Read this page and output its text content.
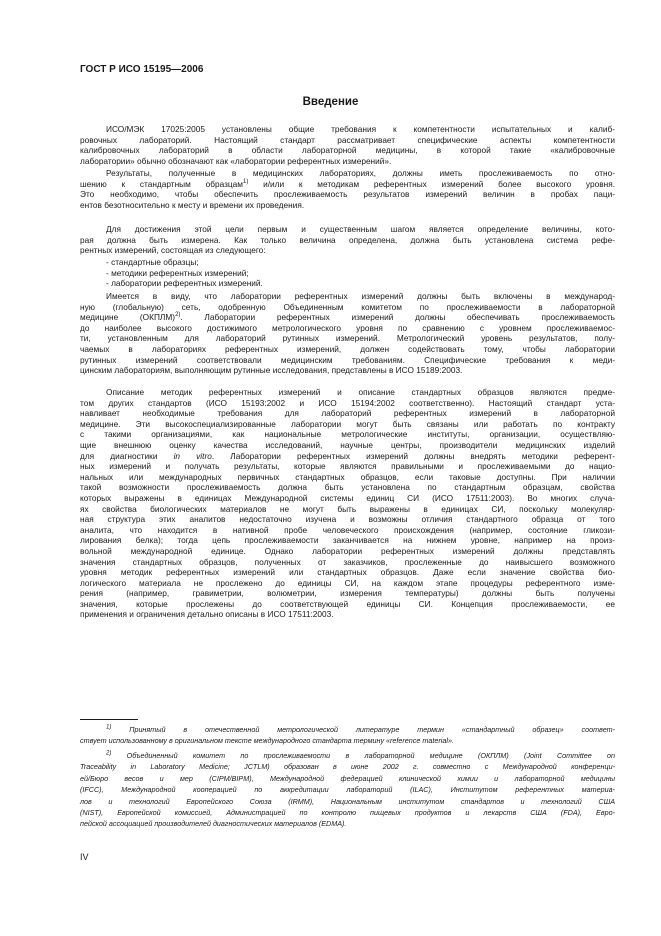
ГОСТ Р ИСО 15195—2006
Введение
ИСО/МЭК 17025:2005 установлены общие требования к компетентности испытательных и калиб-
ровочных лабораторий. Настоящий стандарт рассматривает специфические аспекты компетентности
калибровочных лабораторий в области лабораторной медицины, в которой такие «калибровочные
лаборатории» обычно обозначают как «лаборатории референтных измерений».
Результаты, полученные в медицинских лабораториях, должны иметь прослеживаемость по отно-
шению к стандартным образцам$^{1)}$ и/или к методикам референтных измерений более высокого уровня.
Это необходимо, чтобы обеспечить прослеживаемость результатов измерений величин в пробах паци-
ентов безотносительно к месту и времени их проведения.
Для достижения этой цели первым и существенным шагом является определение величины, кото-
рая должна быть измерена. Как только величина определена, должна быть установлена система рефе-
рентных измерений, состоящая из следующего:
- стандартные образцы;
- методики референтных измерений;
- лаборатории референтных измерений.
Имеется в виду, что лаборатории референтных измерений должны быть включены в международ-
ную (глобальную) сеть, одобренную Объединенным комитетом по прослеживаемости в лабораторной
медицине (ОКПЛМ)$^{2)}$. Лаборатории референтных измерений должны обеспечивать прослеживаемость
до наиболее высокого достижимого метрологического уровня по сравнению с уровнем прослеживаемос-
ти, установленным для лабораторий рутинных измерений. Метрологический уровень результатов, полу-
чаемых в лабораториях референтных измерений, должен содействовать тому, чтобы лаборатории
рутинных измерений соответствовали медицинским требованиям. Специфические требования к меди-
цинским лабораториям, выполняющим рутинные исследования, представлены в ИСО 15189:2003.
Описание методик референтных измерений и описание стандартных образцов являются предме-
том других стандартов (ИСО 15193:2002 и ИСО 15194:2002 соответственно). Настоящий стандарт уста-
навливает необходимые требования для лабораторий референтных измерений в лабораторной
медицине. Эти высокоспециализированные лаборатории могут быть связаны или работать по контракту
с такими организациями, как национальные метрологические институты, организации, осуществляю-
щие внешнюю оценку качества исследований, научные центры, производители медицинских изделий
для диагностики in vitro. Лаборатории референтных измерений должны внедрять методики референт-
ных измерений и получать результаты, которые являются правильными и прослеживаемыми до нацио-
нальных или международных первичных стандартных образцов, если таковые доступны. При наличии
такой возможности прослеживаемость должна быть установлена по стандартным образцам, свойства
которых выражены в единицах Международной системы единиц СИ (ИСО 17511:2003). Во многих случа-
ях свойства биологических материалов не могут быть выражены в единицах СИ, поскольку молекуляр-
ная структура этих аналитов недостаточно изучена и возможны отличия стандартного образца от того
аналита, что находится в нативной пробе человеческого происхождения (например, состояние гликози-
лирования белка); тогда цепь прослеживаемости заканчивается на нижнем уровне, например на произ-
вольной международной единице. Однако лаборатории референтных измерений должны представлять
значения стандартных образцов, полученных от заказчиков, прослеженные до наивысшего возможного
уровня методик референтных измерений или стандартных образцов. Даже если значение свойства био-
логического материала не прослежено до единицы СИ, на каждом этапе процедуры референтного изме-
рения (например, гравиметрии, волюметрии, измерения температуры) должны быть получены
значения, которые прослежены до соответствующей единицы СИ. Концепция прослеживаемости, ее
применения и ограничения детально описаны в ИСО 17511:2003.
$^{1)}$ Принятый в отечественной метрологической литературе термин «стандартный образец» соответ-
ствует использованному в оригинальном тексте международного стандарта термину «reference material».
$^{2)}$ Объединенный комитет по прослеживаемости в лабораторной медицине (ОКПЛМ) (Joint Committee on
Traceability in Laboratory Medicine; JCTLM) образован в июне 2002 г. совместно с Международной конференци-
ей/Бюро весов и мер (CIPM/BIPM), Международной федерацией клинической химии и лабораторной медицины
(IFCC), Международной кооперацией по аккредитации лабораторий (ILAC), Институтом референтных материа-
лов и технологий Европейского Союза (IRMM), Национальным институтом стандартов и технологий США
(NIST), Европейской комиссией, Администрацией по контролю пищевых продуктов и лекарств США (FDA), Евро-
пейской ассоциацией производителей диагностических материалов (EDMA).
IV
